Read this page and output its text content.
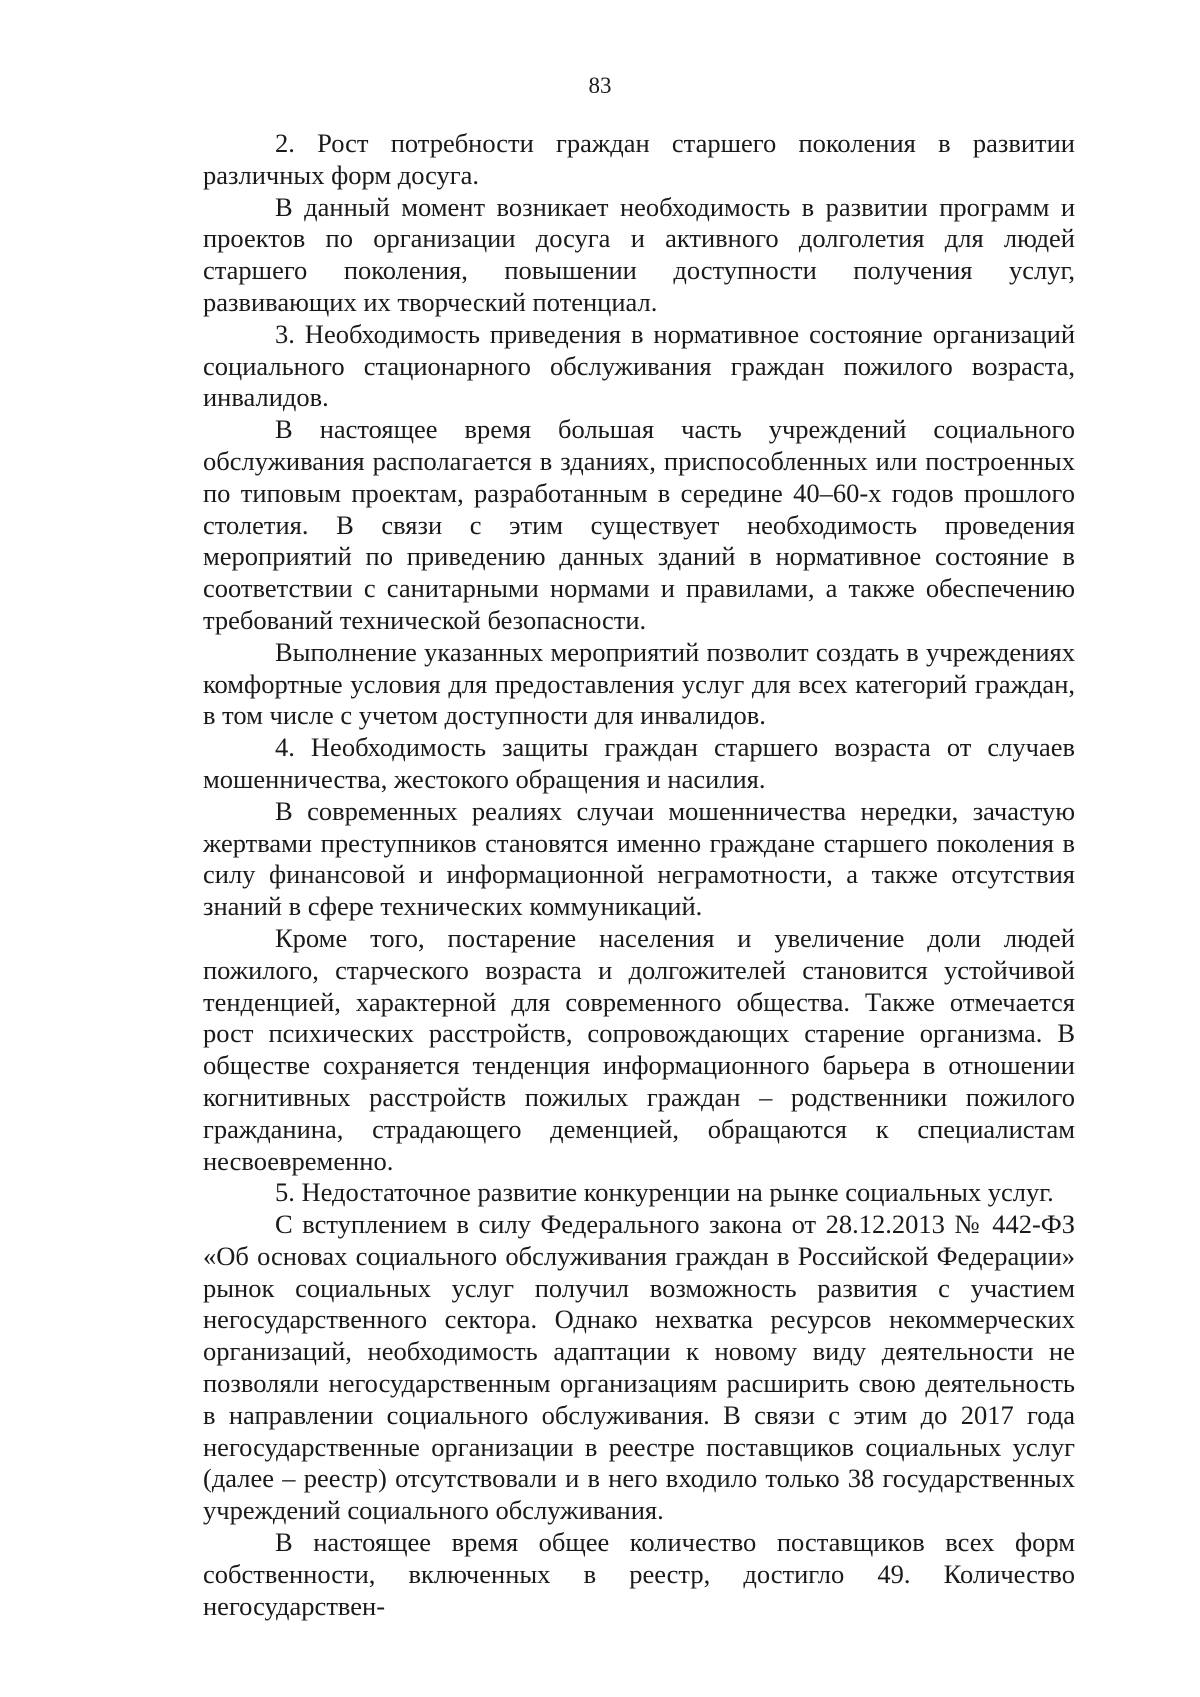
83

2. Рост потребности граждан старшего поколения в развитии различных форм досуга.

В данный момент возникает необходимость в развитии программ и проектов по организации досуга и активного долголетия для людей старшего поколения, повышении доступности получения услуг, развивающих их творческий потенциал.

3. Необходимость приведения в нормативное состояние организаций социального стационарного обслуживания граждан пожилого возраста, инвалидов.

В настоящее время большая часть учреждений социального обслуживания располагается в зданиях, приспособленных или построенных по типовым проектам, разработанным в середине 40–60-х годов прошлого столетия. В связи с этим существует необходимость проведения мероприятий по приведению данных зданий в нормативное состояние в соответствии с санитарными нормами и правилами, а также обеспечению требований технической безопасности.

Выполнение указанных мероприятий позволит создать в учреждениях комфортные условия для предоставления услуг для всех категорий граждан, в том числе с учетом доступности для инвалидов.

4. Необходимость защиты граждан старшего возраста от случаев мошенничества, жестокого обращения и насилия.

В современных реалиях случаи мошенничества нередки, зачастую жертвами преступников становятся именно граждане старшего поколения в силу финансовой и информационной неграмотности, а также отсутствия знаний в сфере технических коммуникаций.

Кроме того, постарение населения и увеличение доли людей пожилого, старческого возраста и долгожителей становится устойчивой тенденцией, характерной для современного общества. Также отмечается рост психических расстройств, сопровождающих старение организма. В обществе сохраняется тенденция информационного барьера в отношении когнитивных расстройств пожилых граждан – родственники пожилого гражданина, страдающего деменцией, обращаются к специалистам несвоевременно.

5. Недостаточное развитие конкуренции на рынке социальных услуг.

С вступлением в силу Федерального закона от 28.12.2013 № 442-ФЗ «Об основах социального обслуживания граждан в Российской Федерации» рынок социальных услуг получил возможность развития с участием негосударственного сектора. Однако нехватка ресурсов некоммерческих организаций, необходимость адаптации к новому виду деятельности не позволяли негосударственным организациям расширить свою деятельность в направлении социального обслуживания. В связи с этим до 2017 года негосударственные организации в реестре поставщиков социальных услуг (далее – реестр) отсутствовали и в него входило только 38 государственных учреждений социального обслуживания.

В настоящее время общее количество поставщиков всех форм собственности, включенных в реестр, достигло 49. Количество негосударствен-
